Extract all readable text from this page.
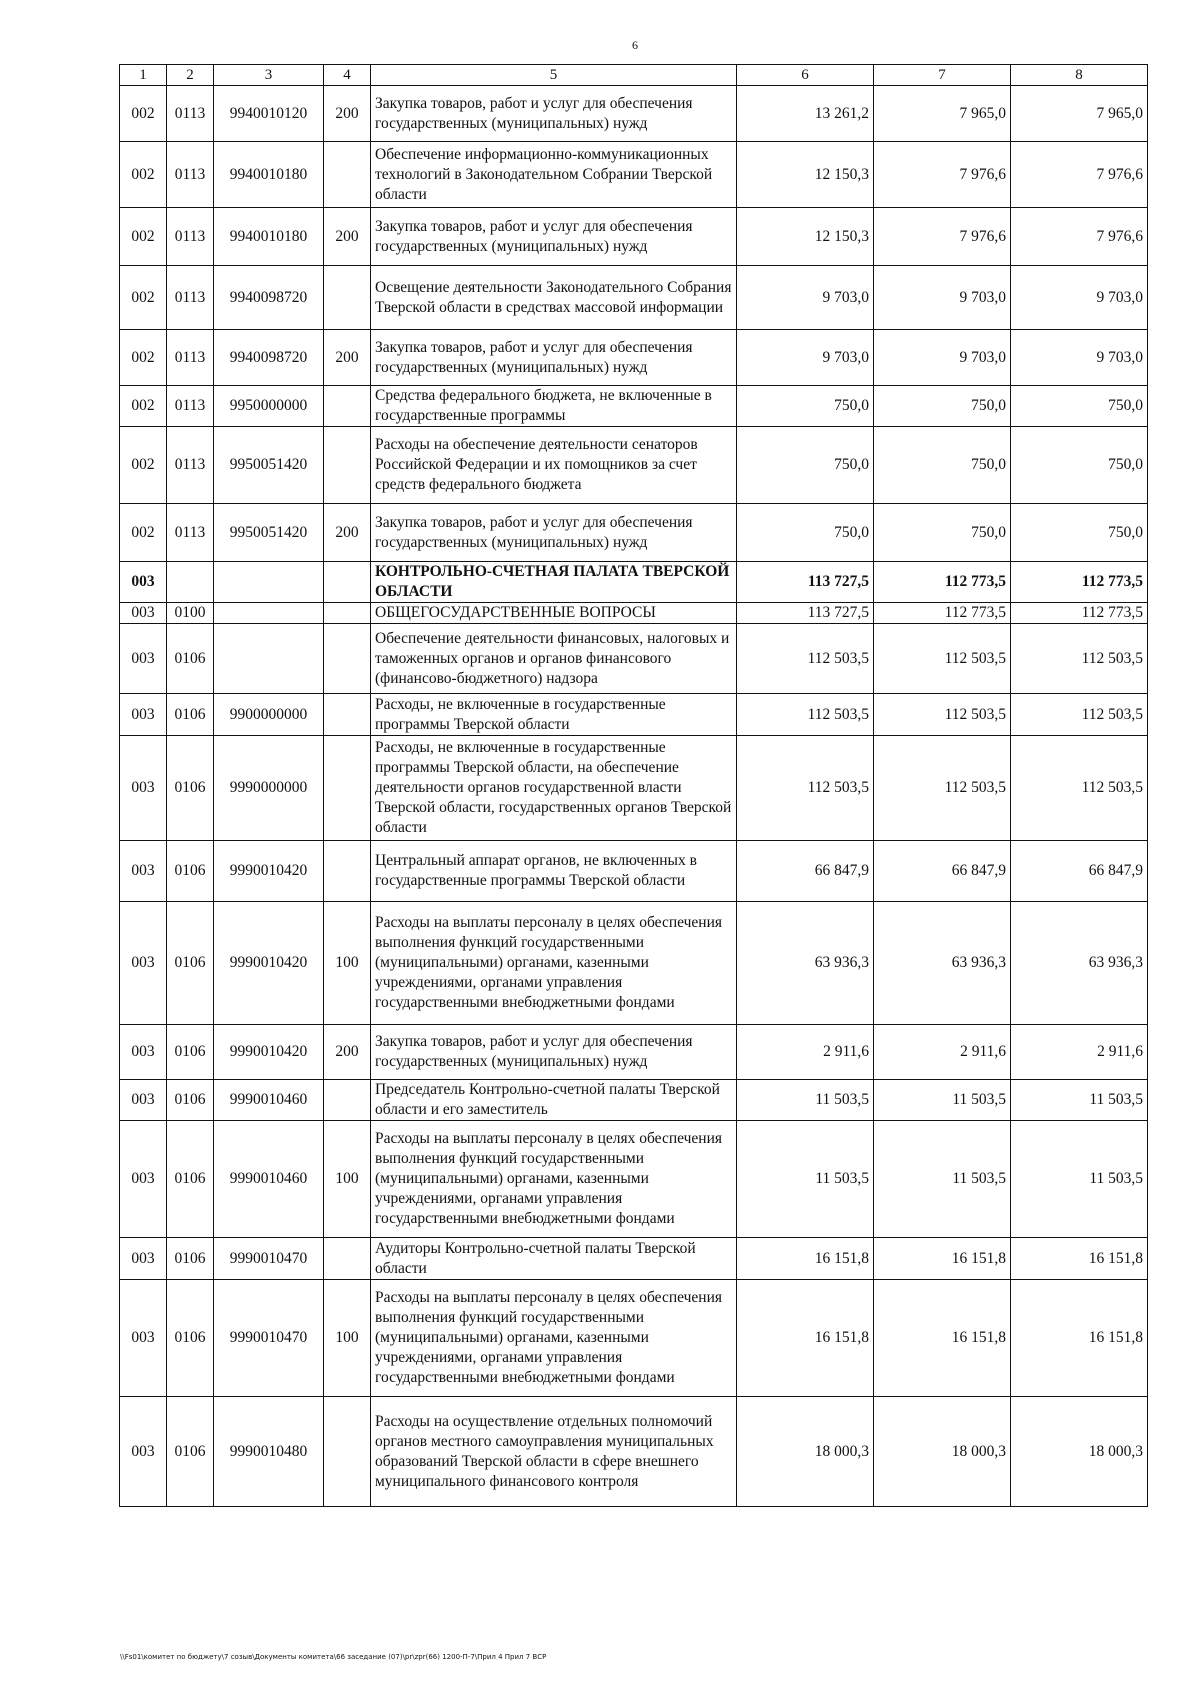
6
1	2	3	4	5	6	7	8
002	0113	9940010120	200	Закупка товаров, работ и услуг для обеспечения государственных (муниципальных) нужд	13 261,2	7 965,0	7 965,0
002	0113	9940010180		Обеспечение информационно-коммуникационных технологий в Законодательном Собрании Тверской области	12 150,3	7 976,6	7 976,6
002	0113	9940010180	200	Закупка товаров, работ и услуг для обеспечения государственных (муниципальных) нужд	12 150,3	7 976,6	7 976,6
002	0113	9940098720		Освещение деятельности Законодательного Собрания Тверской области в средствах массовой информации	9 703,0	9 703,0	9 703,0
002	0113	9940098720	200	Закупка товаров, работ и услуг для обеспечения государственных (муниципальных) нужд	9 703,0	9 703,0	9 703,0
002	0113	9950000000		Средства федерального бюджета, не включенные в государственные программы	750,0	750,0	750,0
002	0113	9950051420		Расходы на обеспечение деятельности сенаторов Российской Федерации и их помощников за счет средств федерального бюджета	750,0	750,0	750,0
002	0113	9950051420	200	Закупка товаров, работ и услуг для обеспечения государственных (муниципальных) нужд	750,0	750,0	750,0
003				КОНТРОЛЬНО-СЧЕТНАЯ ПАЛАТА ТВЕРСКОЙ ОБЛАСТИ	113 727,5	112 773,5	112 773,5
003	0100			ОБЩЕГОСУДАРСТВЕННЫЕ ВОПРОСЫ	113 727,5	112 773,5	112 773,5
003	0106			Обеспечение деятельности финансовых, налоговых и таможенных органов и органов финансового (финансово-бюджетного) надзора	112 503,5	112 503,5	112 503,5
003	0106	9900000000		Расходы, не включенные в государственные программы Тверской области	112 503,5	112 503,5	112 503,5
003	0106	9990000000		Расходы, не включенные в государственные программы Тверской области, на обеспечение деятельности органов государственной власти Тверской области, государственных органов Тверской области	112 503,5	112 503,5	112 503,5
003	0106	9990010420		Центральный аппарат органов, не включенных в государственные программы Тверской области	66 847,9	66 847,9	66 847,9
003	0106	9990010420	100	Расходы на выплаты персоналу в целях обеспечения выполнения функций государственными (муниципальными) органами, казенными учреждениями, органами управления государственными внебюджетными фондами	63 936,3	63 936,3	63 936,3
003	0106	9990010420	200	Закупка товаров, работ и услуг для обеспечения государственных (муниципальных) нужд	2 911,6	2 911,6	2 911,6
003	0106	9990010460		Председатель Контрольно-счетной палаты Тверской области и его заместитель	11 503,5	11 503,5	11 503,5
003	0106	9990010460	100	Расходы на выплаты персоналу в целях обеспечения выполнения функций государственными (муниципальными) органами, казенными учреждениями, органами управления государственными внебюджетными фондами	11 503,5	11 503,5	11 503,5
003	0106	9990010470		Аудиторы Контрольно-счетной палаты Тверской области	16 151,8	16 151,8	16 151,8
003	0106	9990010470	100	Расходы на выплаты персоналу в целях обеспечения выполнения функций государственными (муниципальными) органами, казенными учреждениями, органами управления государственными внебюджетными фондами	16 151,8	16 151,8	16 151,8
003	0106	9990010480		Расходы на осуществление отдельных полномочий органов местного самоуправления муниципальных образований Тверской области в сфере внешнего муниципального финансового контроля	18 000,3	18 000,3	18 000,3
\\Fs01\комитет по бюджету\7 созыв\Документы комитета\66 заседание (07)\pr\zpr(66) 1200-П-7\Прил 4 Прил 7 ВСР
